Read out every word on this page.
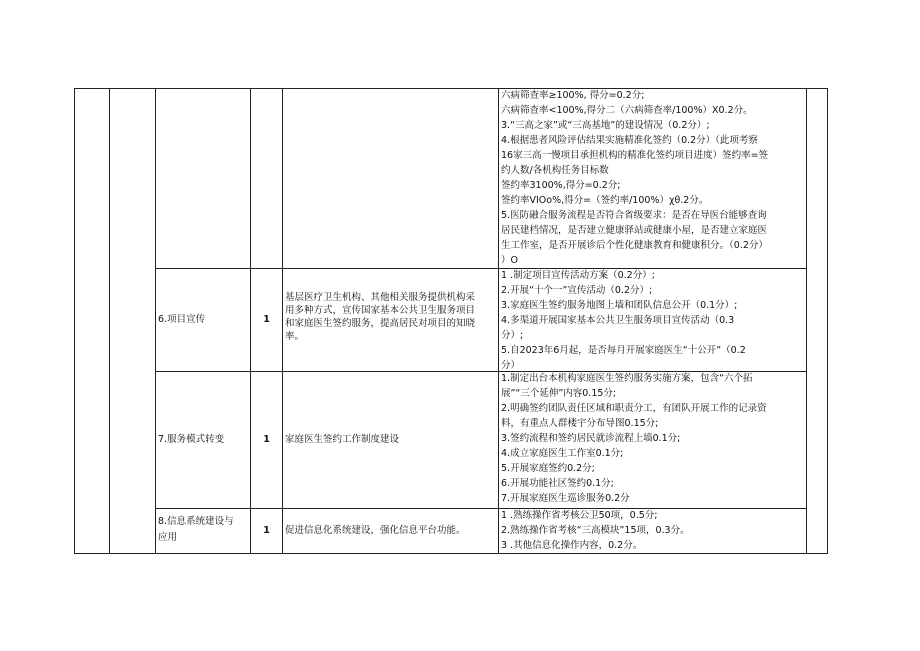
六病筛查率≥100%, 得分=0.2分;

六病筛查率<100%,得分二（六病筛查率/100%）X0.2分。

3.“三高之家”或“三高基地”的建设情况（0.2分）;

4.根据患者风险评估结果实施精准化签约（0.2分）（此项考察

16家三高一慢项目承担机构的精准化签约项目进度）签约率=签

约人数/各机构任务目标数

签约率3100%,得分=0.2分;

签约率VIOo%,得分=（签约率/100%）χθ.2分。

5.医防融合服务流程是否符合省级要求：是否在导医台能够查询

居民建档情况，是否建立健康驿站或健康小屋，是否建立家庭医

生工作室，是否开展诊后个性化健康教育和健康积分。（0.2分）

）O

6.项目宣传	1

基层医疗卫生机构、其他相关服务提供机构采

用多种方式，宣传国家基本公共卫生服务项目

和家庭医生签约服务，提高居民对项目的知晓

率。

1 .制定项目宣传活动方案（0.2分）;

2.开展“十个一”宣传活动（0.2分）;

3.家庭医生签约服务地图上墙和团队信息公开（0.1分）;

4.多渠道开展国家基本公共卫生服务项目宣传活动（0.3

分）;

5.自2023年6月起，是否每月开展家庭医生“十公开”（0.2

分）

7.服务模式转变	1 家庭医生签约工作制度建设

1.制定出台本机构家庭医生签约服务实施方案，包含“六个拓

展”“三个延伸”内容0.15分;

2.明确签约团队责任区域和职责分工，有团队开展工作的记录资

料，有重点人群楼宇分布导图0.15分;

3.签约流程和签约居民就诊流程上墙0.1分;

4.成立家庭医生工作室0.1分;

5.开展家庭签约0.2分;

6.开展功能社区签约0.1分;

7.开展家庭医生巡诊服务0.2分

8.信息系统建设与

应用

1 促进信息化系统建设，强化信息平台功能。

1 .熟练操作省考核公卫50项，0.5分;

2.熟练操作省考核“三高模块”15项，0.3分。

3 .其他信息化操作内容，0.2分。
